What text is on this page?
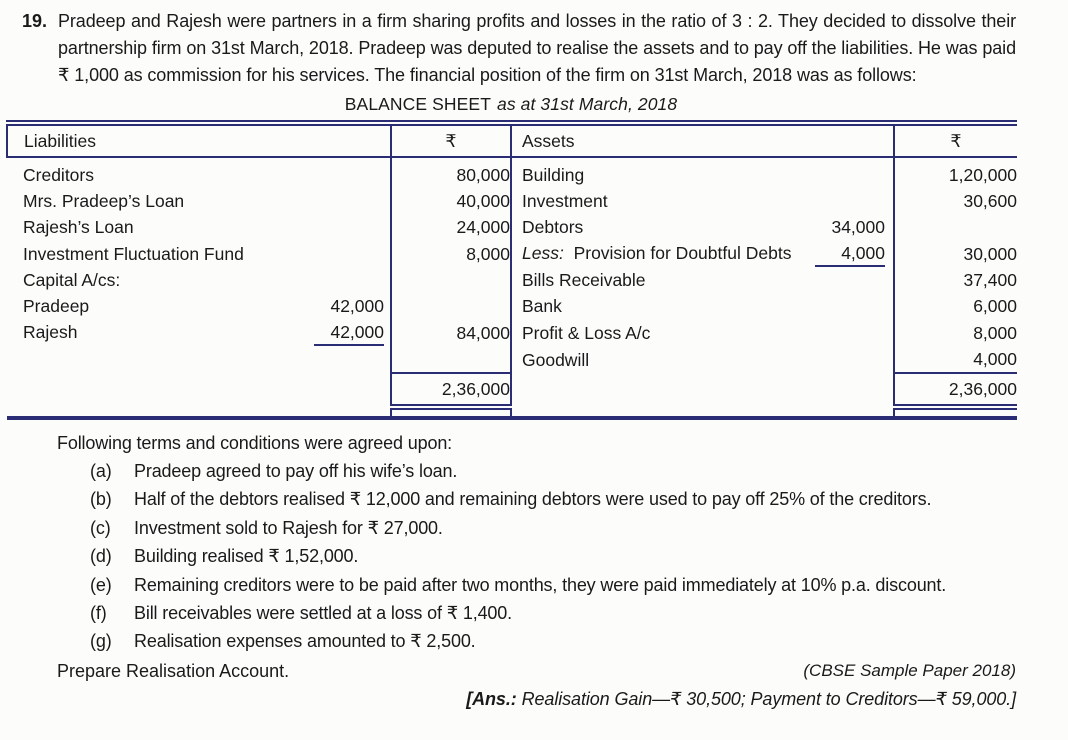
19. Pradeep and Rajesh were partners in a firm sharing profits and losses in the ratio of 3 : 2. They decided to dissolve their partnership firm on 31st March, 2018. Pradeep was deputed to realise the assets and to pay off the liabilities. He was paid ₹ 1,000 as commission for his services. The financial position of the firm on 31st March, 2018 was as follows:
BALANCE SHEET as at 31st March, 2018
Liabilities	₹	Assets	₹

Creditors	80,000	Building	1,20,000

Mrs. Pradeep’s Loan	40,000	Investment	30,600

Rajesh’s Loan	24,000	Debtors 34,000	

Investment Fluctuation Fund	8,000	Less:  Provision for Doubtful Debts 4,000	30,000

Capital A/cs:		Bills Receivable	37,400

Pradeep 42,000		Bank	6,000

Rajesh 42,000	84,000	Profit & Loss A/c	8,000

		Goodwill	4,000
	2,36,000		2,36,000

Following terms and conditions were agreed upon:
(a)	Pradeep agreed to pay off his wife’s loan.
(b)	Half of the debtors realised ₹ 12,000 and remaining debtors were used to pay off 25% of the creditors.
(c)	Investment sold to Rajesh for ₹ 27,000.
(d)	Building realised ₹ 1,52,000.
(e)	Remaining creditors were to be paid after two months, they were paid immediately at 10% p.a. discount.
(f)	Bill receivables were settled at a loss of ₹ 1,400.
(g)	Realisation expenses amounted to ₹ 2,500.
Prepare Realisation Account.	(CBSE Sample Paper 2018)
[Ans.: Realisation Gain—₹ 30,500; Payment to Creditors—₹ 59,000.]
